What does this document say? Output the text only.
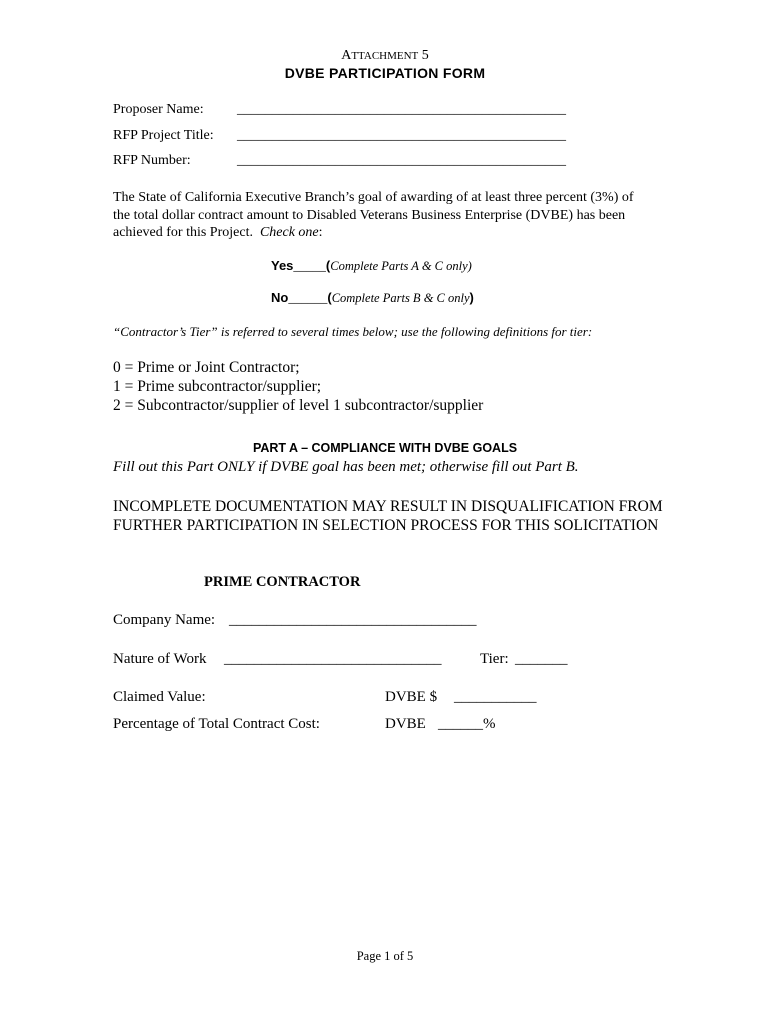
ATTACHMENT 5
DVBE PARTICIPATION FORM
Proposer Name: _______________________________________________
RFP Project Title: _______________________________________________
RFP Number:	_______________________________________________
The State of California Executive Branch’s goal of awarding of at least three percent (3%) of the total dollar contract amount to Disabled Veterans Business Enterprise (DVBE) has been achieved for this Project. Check one:
Yes_____(Complete Parts A & C only)
No______(Complete Parts B & C only)
“Contractor’s Tier” is referred to several times below; use the following definitions for tier:
0 = Prime or Joint Contractor;
1 = Prime subcontractor/supplier;
2 = Subcontractor/supplier of level 1 subcontractor/supplier
PART A – COMPLIANCE WITH DVBE GOALS
Fill out this Part ONLY if DVBE goal has been met; otherwise fill out Part B.
INCOMPLETE DOCUMENTATION MAY RESULT IN DISQUALIFICATION FROM FURTHER PARTICIPATION IN SELECTION PROCESS FOR THIS SOLICITATION
PRIME CONTRACTOR
Company Name: _________________________________
Nature of Work _____________________________	Tier: _______
Claimed Value:	DVBE $ ___________
Percentage of Total Contract Cost:	DVBE ______%
Page 1 of 5
